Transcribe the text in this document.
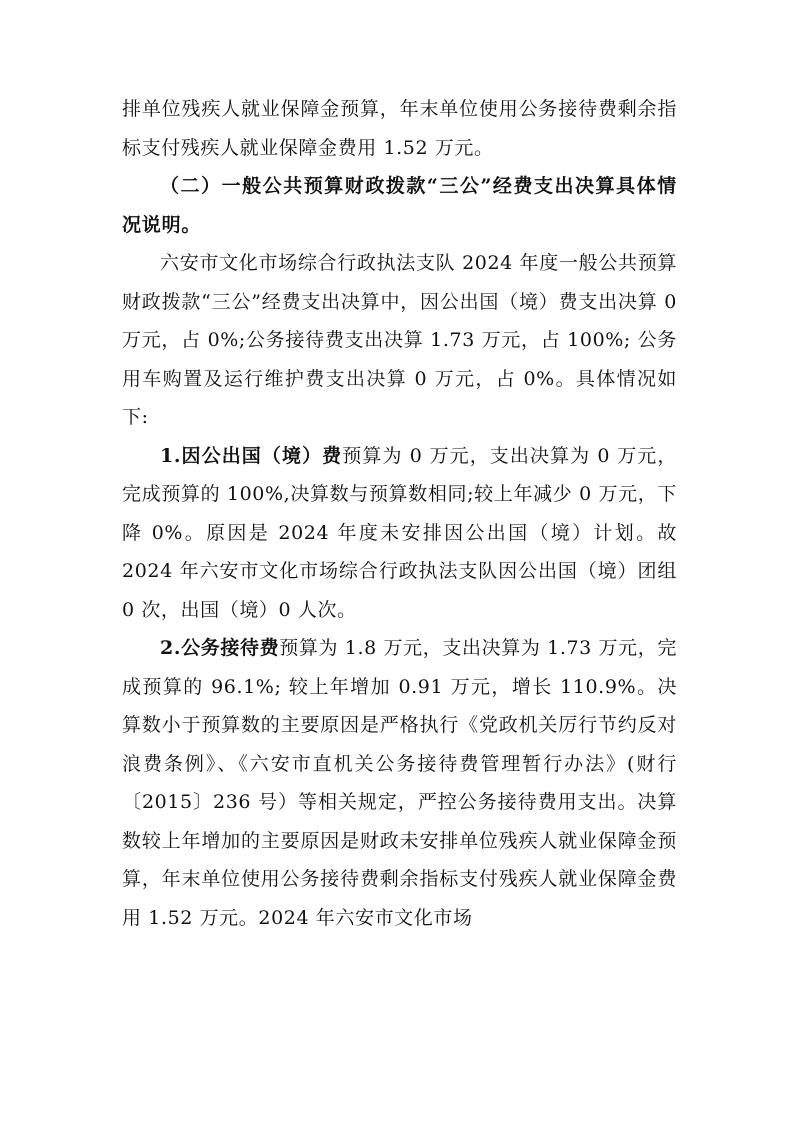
排单位残疾人就业保障金预算，年末单位使用公务接待费剩余指标支付残疾人就业保障金费用 1.52 万元。

（二）一般公共预算财政拨款“三公”经费支出决算具体情况说明。

六安市文化市场综合行政执法支队 2024 年度一般公共预算财政拨款“三公”经费支出决算中，因公出国（境）费支出决算 0 万元，占 0%;公务接待费支出决算 1.73 万元，占 100%; 公务用车购置及运行维护费支出决算 0 万元，占 0%。具体情况如下:

1.因公出国（境）费预算为 0 万元，支出决算为 0 万元，完成预算的 100%,决算数与预算数相同;较上年减少 0 万元，下降 0%。原因是 2024 年度未安排因公出国（境）计划。故 2024 年六安市文化市场综合行政执法支队因公出国（境）团组 0 次，出国（境）0 人次。

2.公务接待费预算为 1.8 万元，支出决算为 1.73 万元，完成预算的 96.1%; 较上年增加 0.91 万元，增长 110.9%。决算数小于预算数的主要原因是严格执行《党政机关厉行节约反对浪费条例》、《六安市直机关公务接待费管理暂行办法》(财行〔2015〕236 号）等相关规定，严控公务接待费用支出。决算数较上年增加的主要原因是财政未安排单位残疾人就业保障金预算，年末单位使用公务接待费剩余指标支付残疾人就业保障金费用 1.52 万元。2024 年六安市文化市场
